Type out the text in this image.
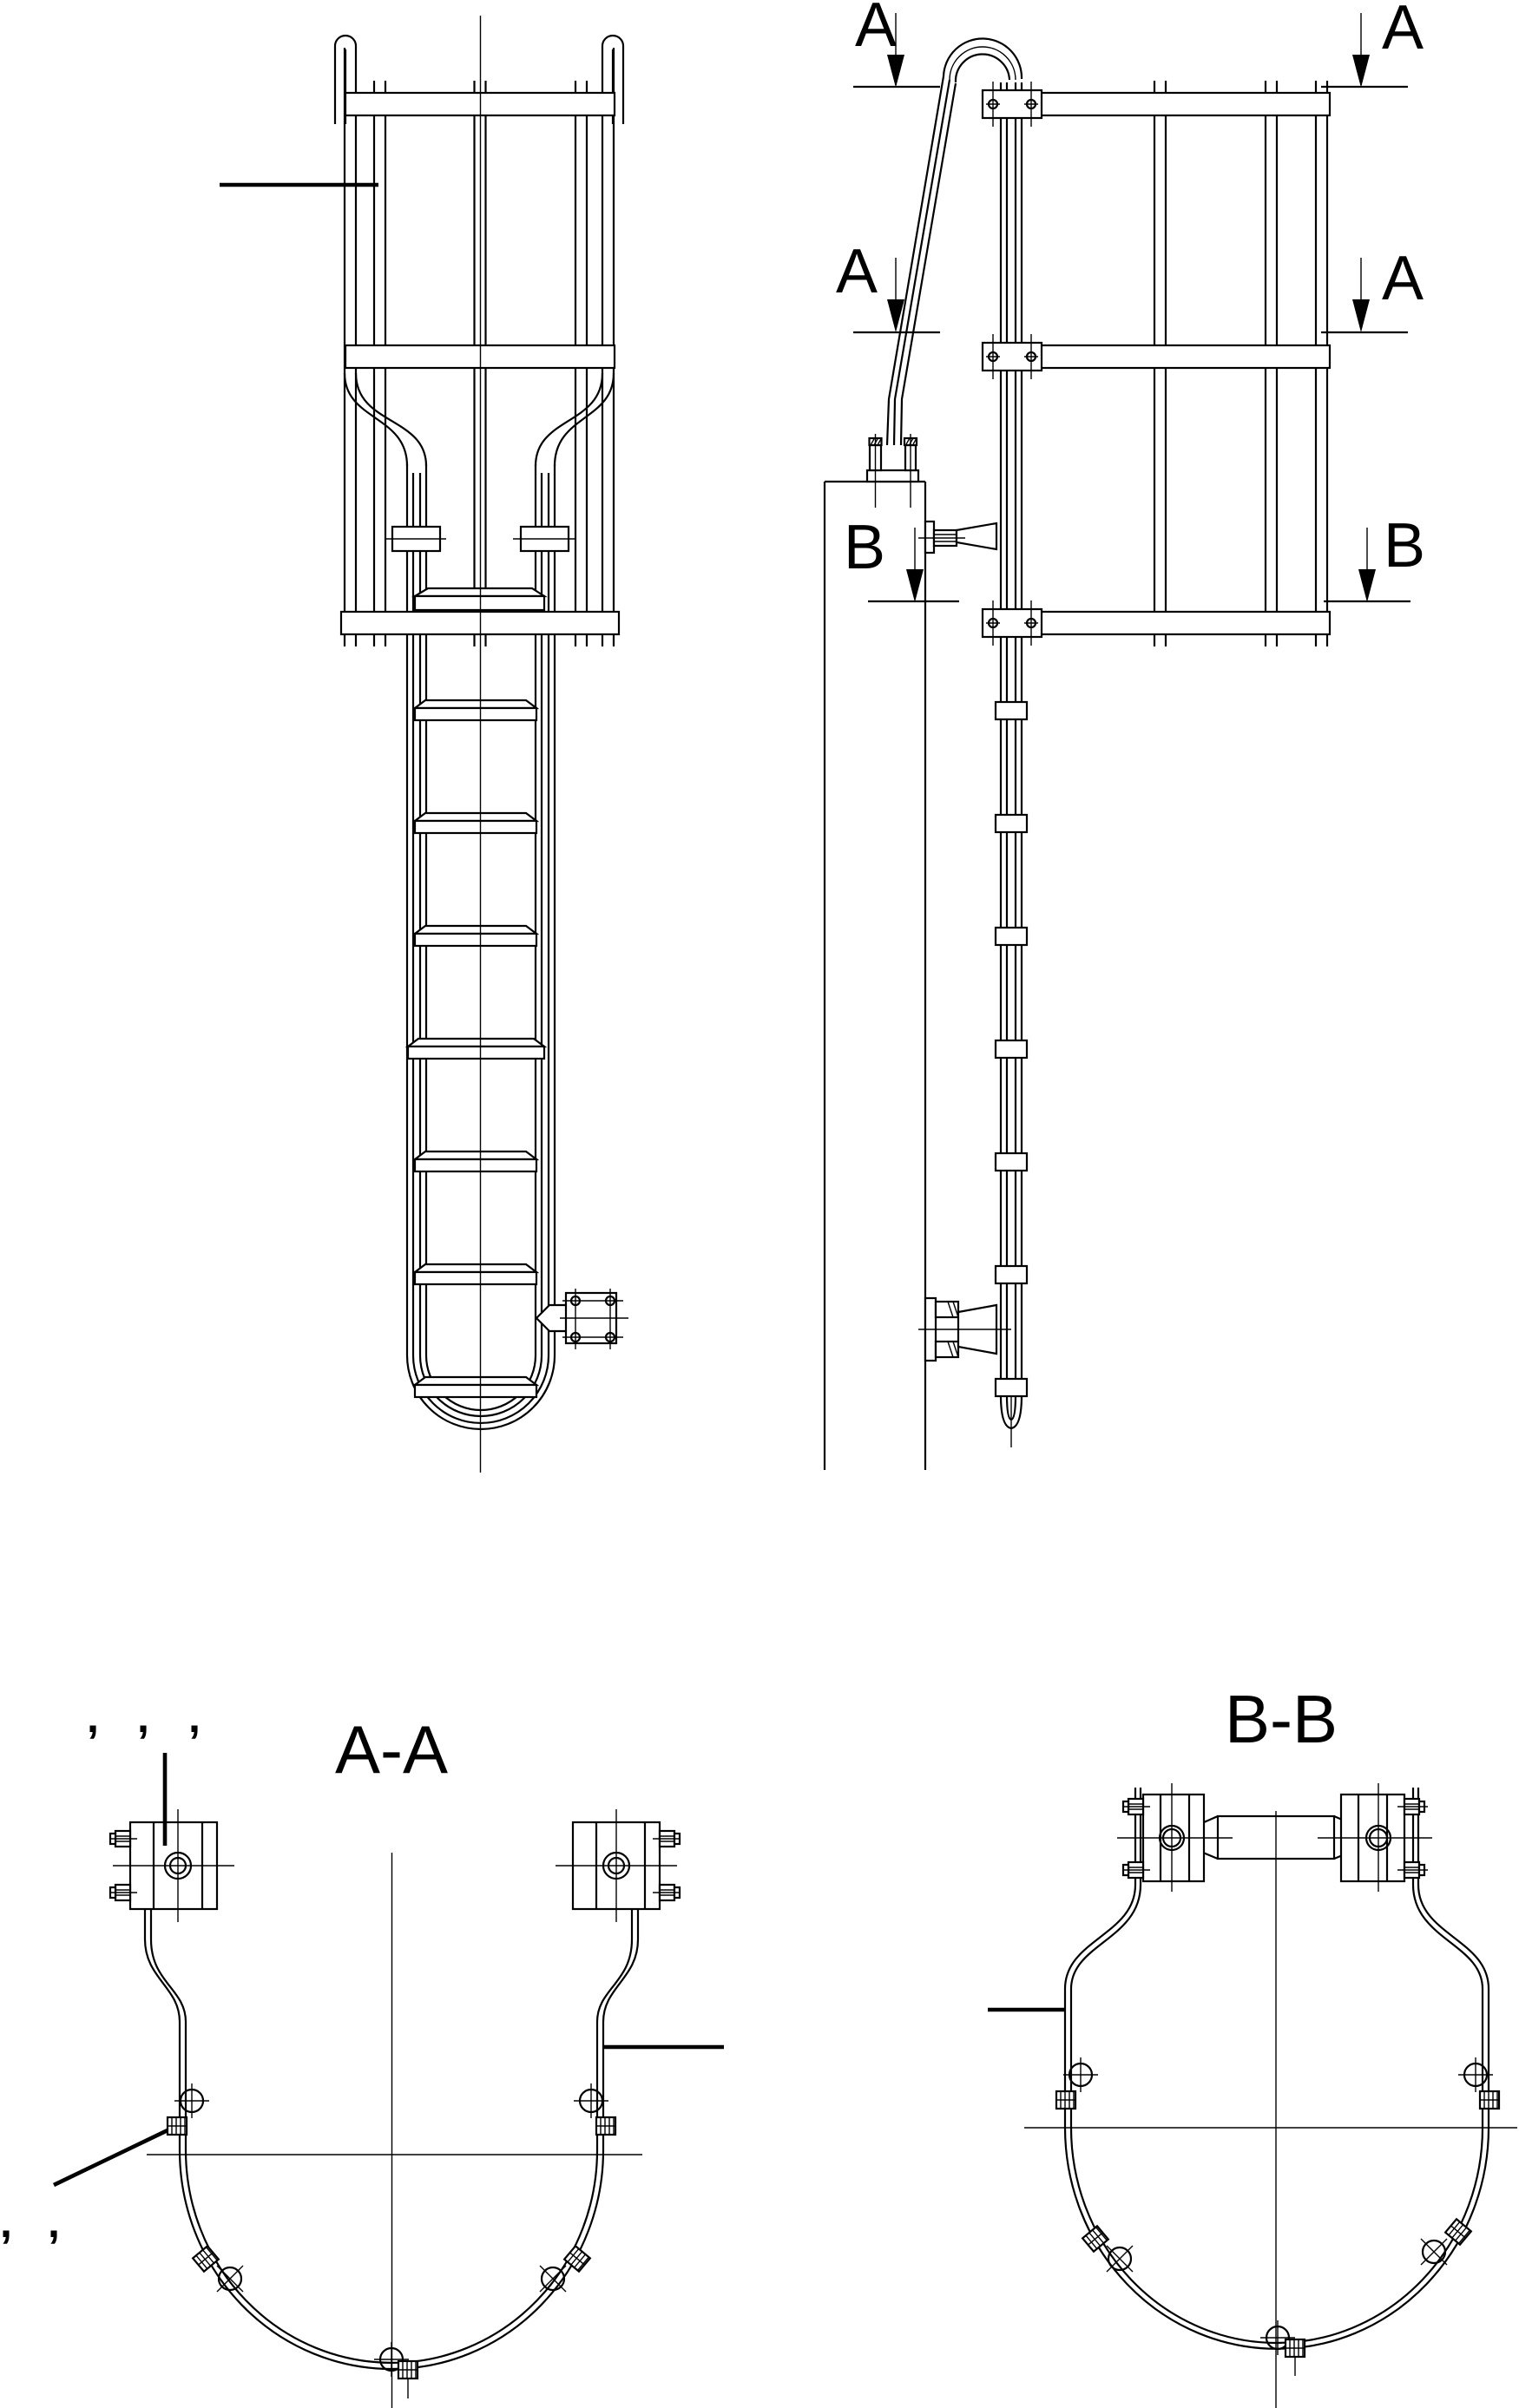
A	A
A	A
B	B
A-A
, , ,
, ,
B-B
